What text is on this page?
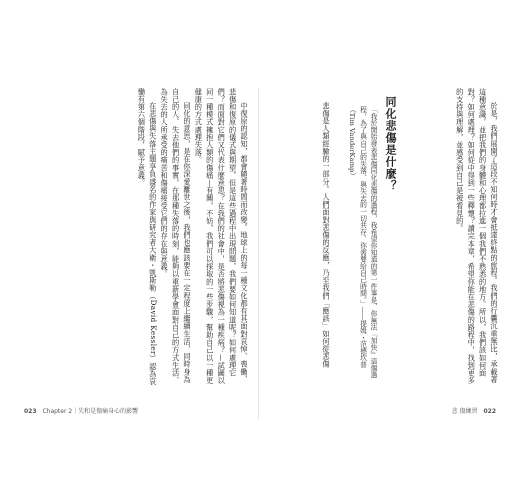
中復原的認知，都會隨著時間而改變。地球上的每一種文化都有其面對哀悼、喪働、悲傷和復原的儀式與期望，但是這些過程中出現問題，我們要如何知道呢？如何處理它們？而面對它們又代表什麼意思？在我們的社會中，是否將悲傷視為一種疾病？—試圖以同一種模式擁抱人類的傷痛—有關，不妨，我們可以採取的一些步驟，幫助自己以一種更健康的方式處理失落。

同化的意思，是在你深愛離世之後，我們也應該要在一定程度上繼續生活，同時身為自己的人、失去他們的事實，在那種失落的時刻，能夠以重新學會面對自己的方式生活、為失去的人所承受的痛苦和傷痛接受它們的存在與意義。

在悲傷與失落主題享負盛名的作家與研究者大衛・凱斯勒（David Kessler）認為哀慟有第六個階段，賦予意義。	於是，我們展開了這段不知何時才會抵達終點的旅程。我們的行囊沉重無比，承載著這種意識，並把我們的身體和心理都拉進一個我們不熟悉的地方。所以，我們該如何面對？如何處理？如何從中得到一些釋懷？讀完本章，希望你能在悲傷的路程中，找到更多的支持與理解，並感受到自己是被看見的。

同化悲傷是什麼？
「我於開始發表悲傷同化悲傷的過程，我希望你知道的第一件事是，你無法『加快』這個過程，為了與自己的失落、與失去的一切共存，你需要給自己時間。」——提姆・范德坎普（Tim VanderKamp）

悲傷是人類經驗的一部分。人們面對悲傷的反應，乃至我們「應該」如何從悲傷

023 Chapter 2｜失和是傷痛身心的影響	悲 傷練習 022
